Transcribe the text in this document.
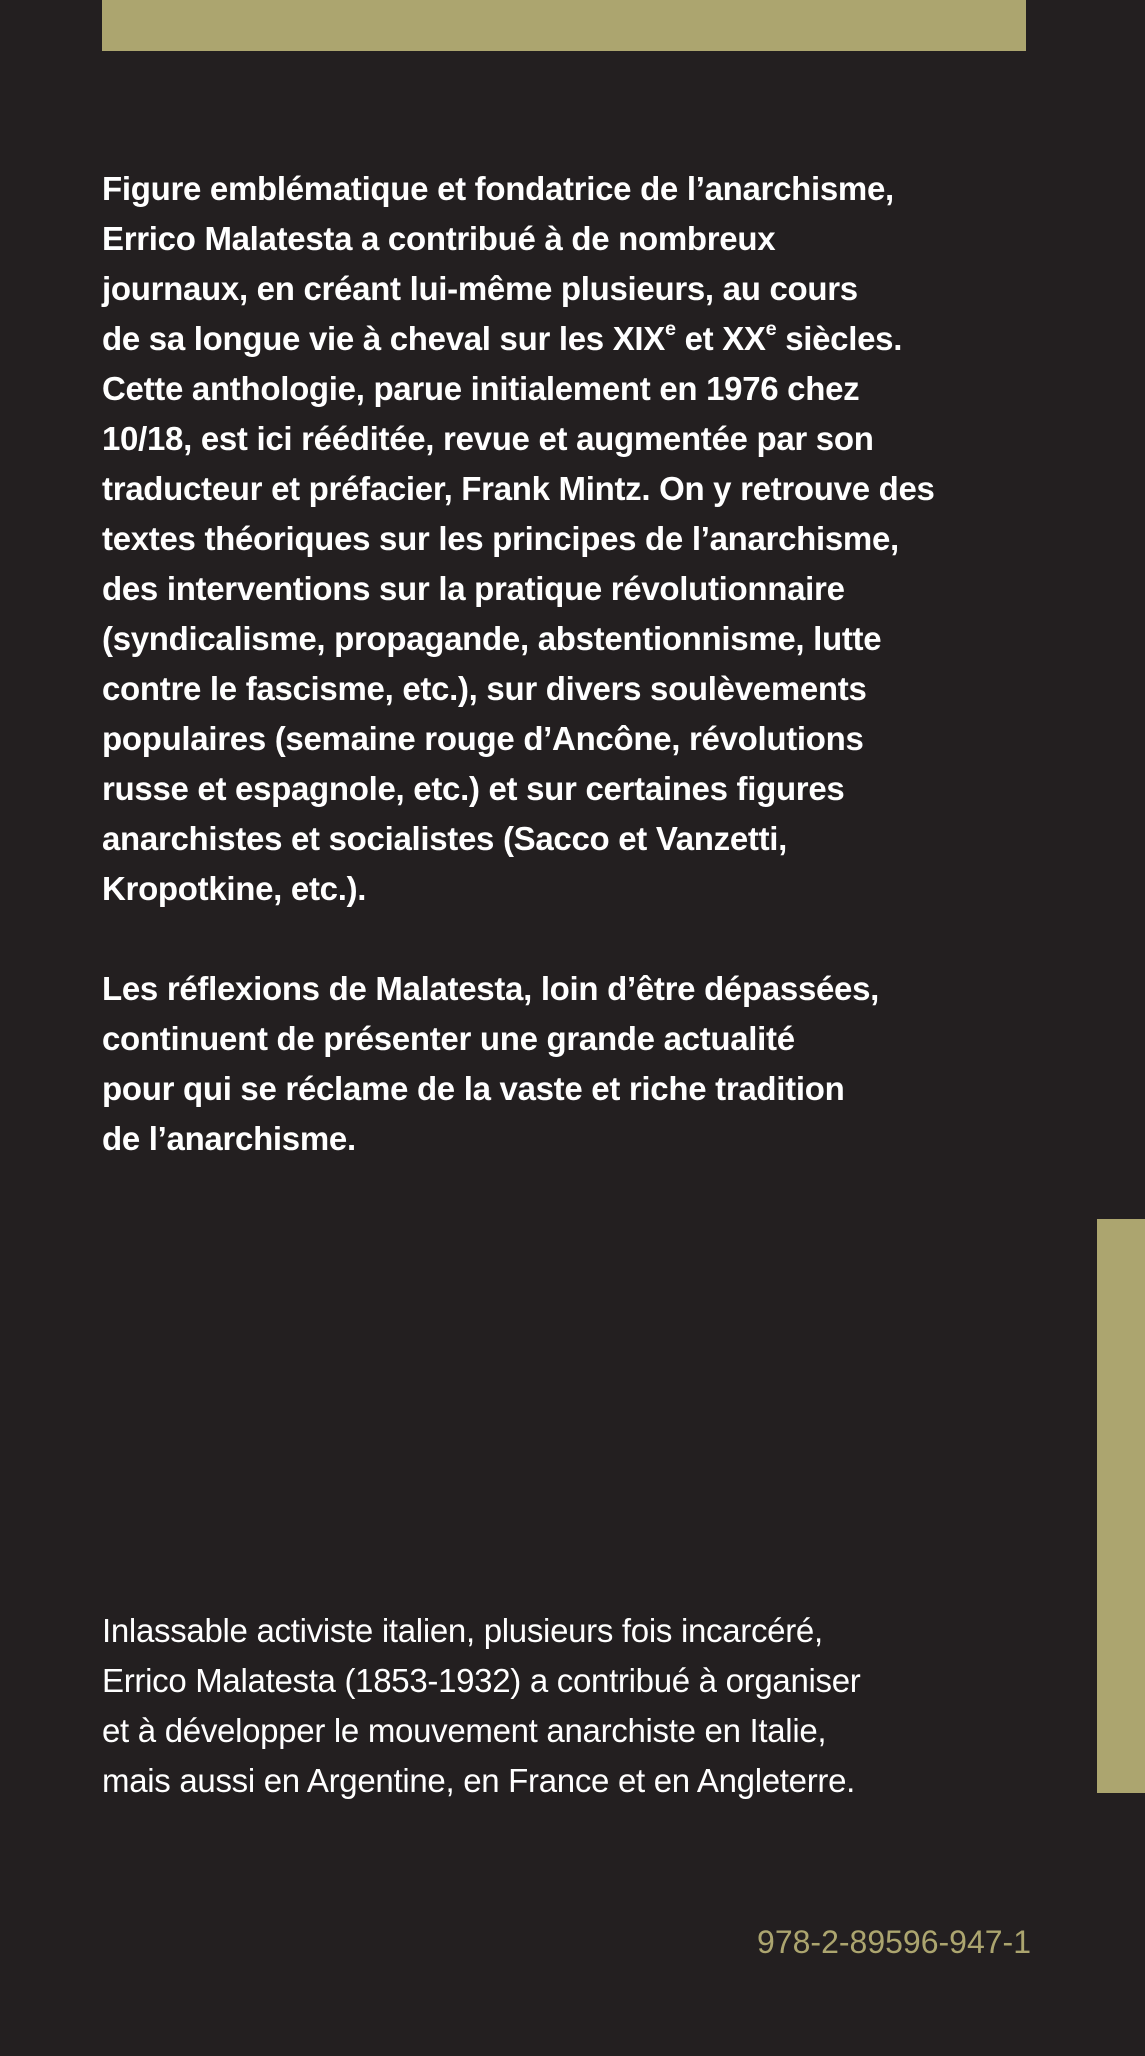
Figure emblématique et fondatrice de l’anarchisme,
Errico Malatesta a contribué à de nombreux
journaux, en créant lui-même plusieurs, au cours
de sa longue vie à cheval sur les XIXe et XXe siècles.
Cette anthologie, parue initialement en 1976 chez
10/18, est ici rééditée, revue et augmentée par son
traducteur et préfacier, Frank Mintz. On y retrouve des
textes théoriques sur les principes de l’anarchisme,
des interventions sur la pratique révolutionnaire
(syndicalisme, propagande, abstentionnisme, lutte
contre le fascisme, etc.), sur divers soulèvements
populaires (semaine rouge d’Ancône, révolutions
russe et espagnole, etc.) et sur certaines figures
anarchistes et socialistes (Sacco et Vanzetti,
Kropotkine, etc.).

Les réflexions de Malatesta, loin d’être dépassées,
continuent de présenter une grande actualité
pour qui se réclame de la vaste et riche tradition
de l’anarchisme.

Inlassable activiste italien, plusieurs fois incarcéré,
Errico Malatesta (1853-1932) a contribué à organiser
et à développer le mouvement anarchiste en Italie,
mais aussi en Argentine, en France et en Angleterre.

978-2-89596-947-1
